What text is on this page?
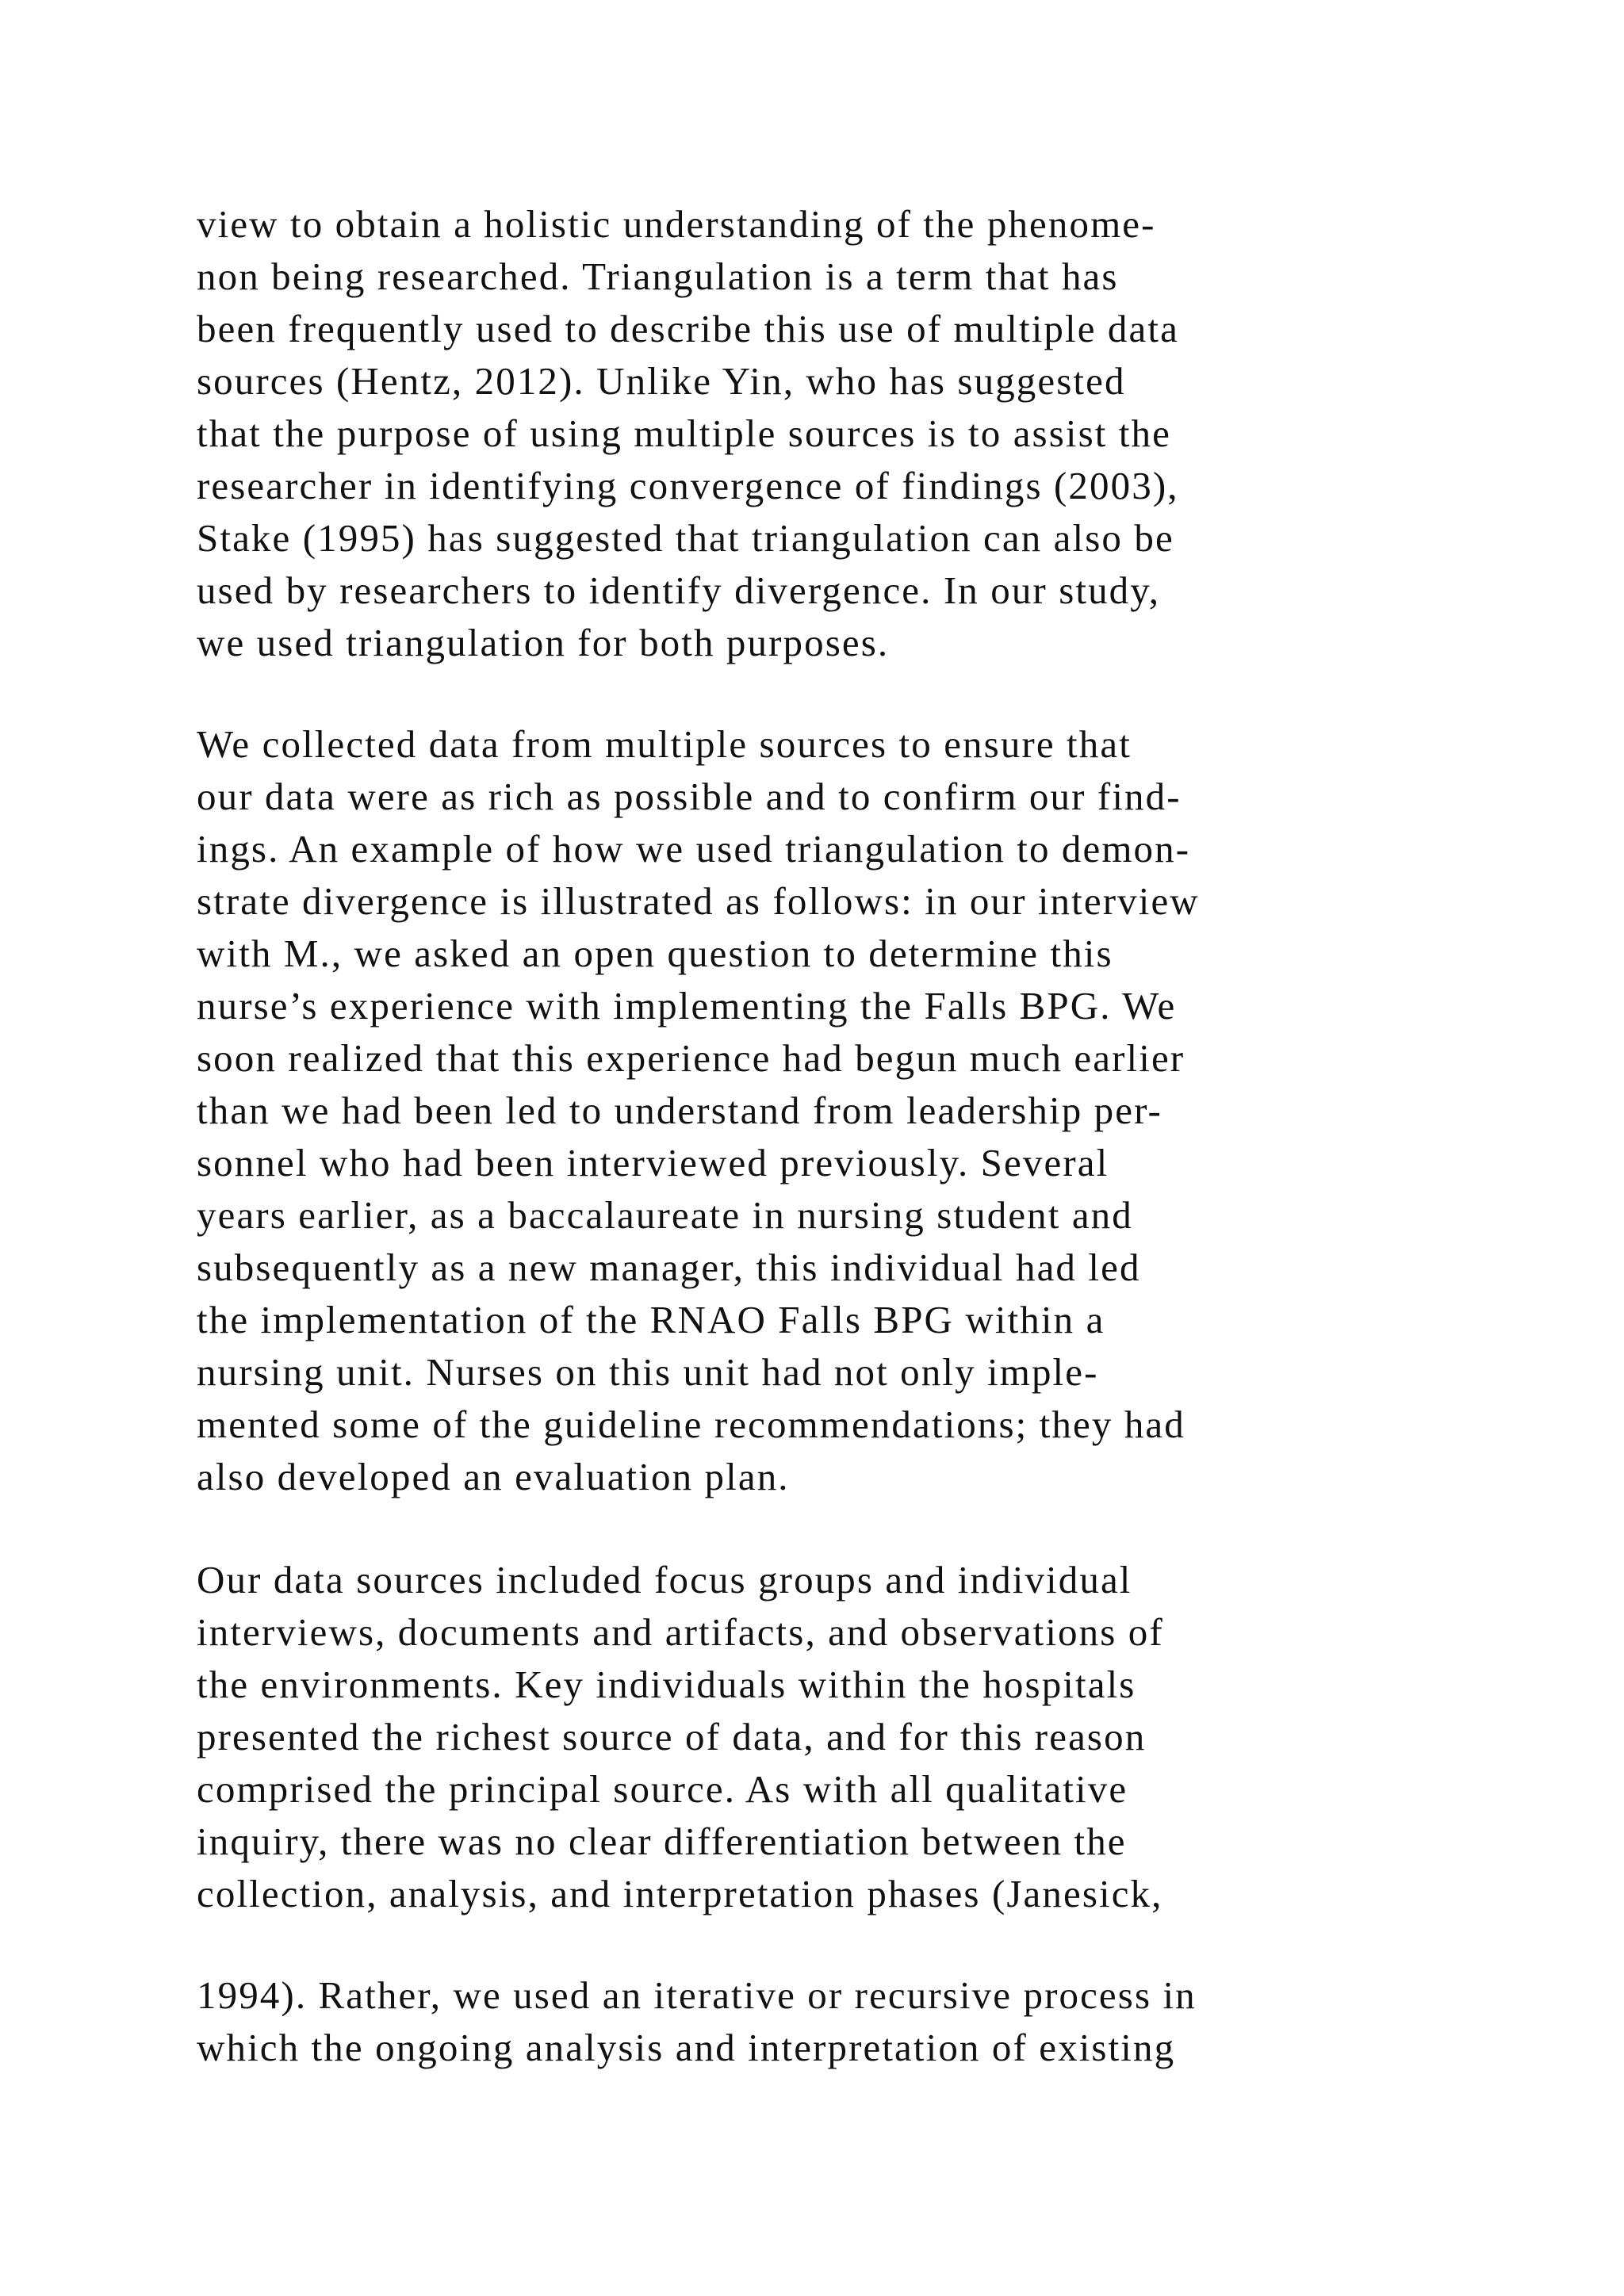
view to obtain a holistic understanding of the phenome-
non being researched. Triangulation is a term that has
been frequently used to describe this use of multiple data
sources (Hentz, 2012). Unlike Yin, who has suggested
that the purpose of using multiple sources is to assist the
researcher in identifying convergence of findings (2003),
Stake (1995) has suggested that triangulation can also be
used by researchers to identify divergence. In our study,
we used triangulation for both purposes.

We collected data from multiple sources to ensure that
our data were as rich as possible and to confirm our find-
ings. An example of how we used triangulation to demon-
strate divergence is illustrated as follows: in our interview
with M., we asked an open question to determine this
nurse’s experience with implementing the Falls BPG. We
soon realized that this experience had begun much earlier
than we had been led to understand from leadership per-
sonnel who had been interviewed previously. Several
years earlier, as a baccalaureate in nursing student and
subsequently as a new manager, this individual had led
the implementation of the RNAO Falls BPG within a
nursing unit. Nurses on this unit had not only imple-
mented some of the guideline recommendations; they had
also developed an evaluation plan.

Our data sources included focus groups and individual
interviews, documents and artifacts, and observations of
the environments. Key individuals within the hospitals
presented the richest source of data, and for this reason
comprised the principal source. As with all qualitative
inquiry, there was no clear differentiation between the
collection, analysis, and interpretation phases (Janesick,

1994). Rather, we used an iterative or recursive process in
which the ongoing analysis and interpretation of existing
